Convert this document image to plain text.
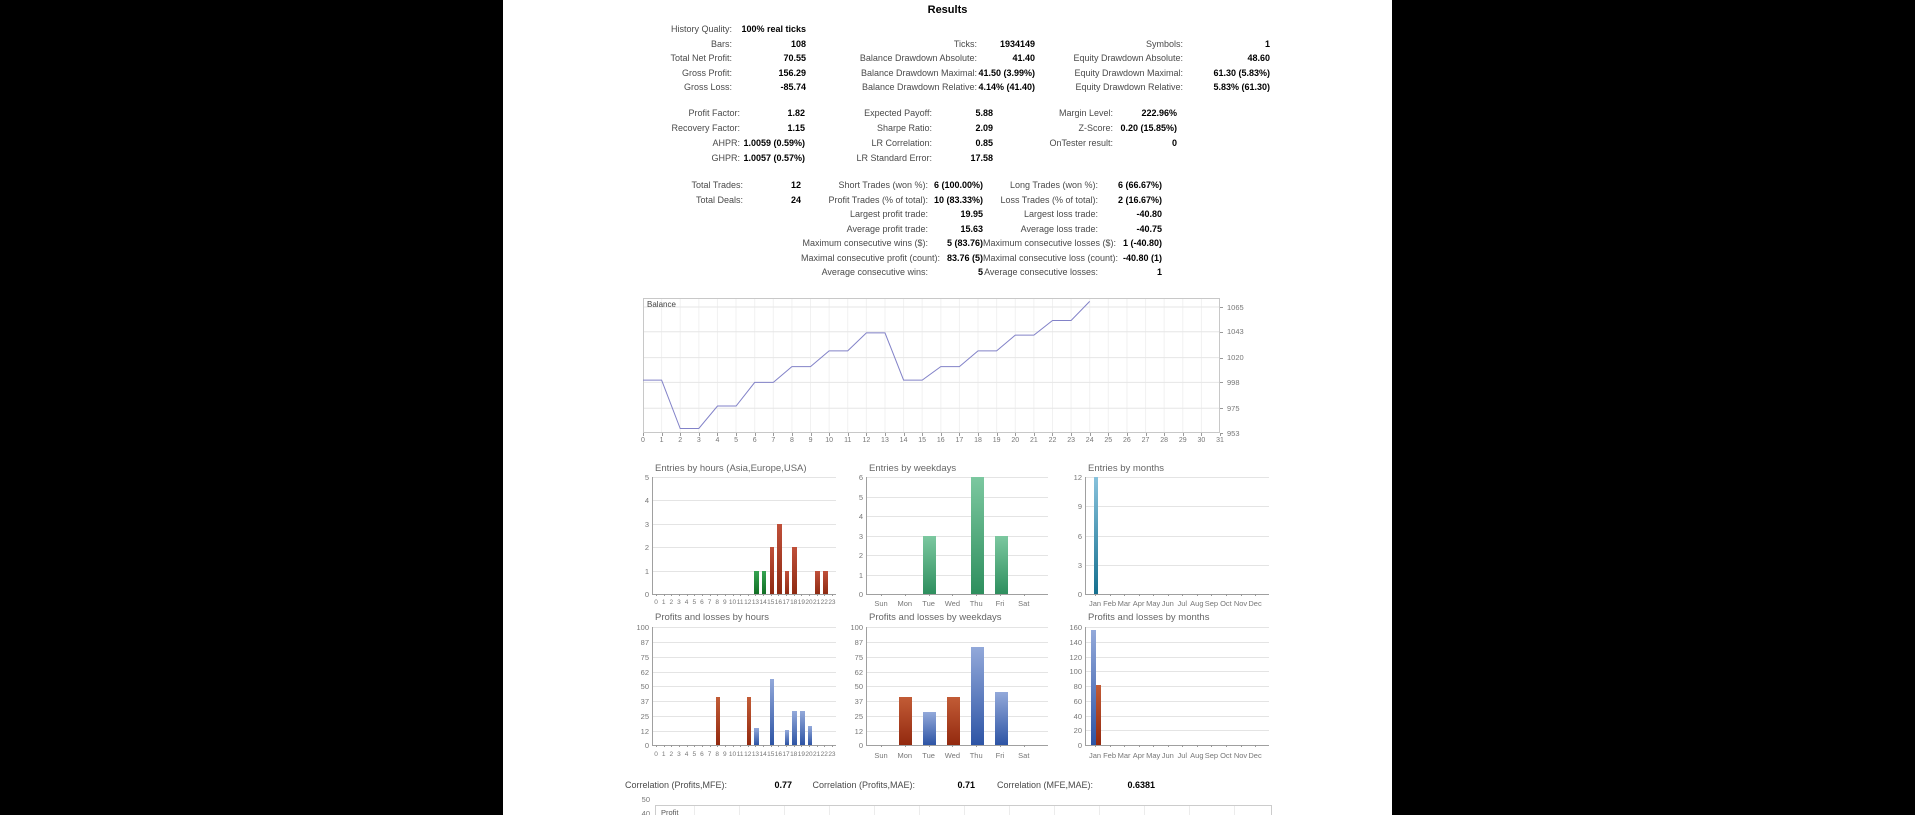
Results
History Quality:	100% real ticks
Bars:	108	Ticks:	1934149	Symbols:	1
Total Net Profit:	70.55	Balance Drawdown Absolute:	41.40	Equity Drawdown Absolute:	48.60
Gross Profit:	156.29	Balance Drawdown Maximal: 41.50 (3.99%)	Equity Drawdown Maximal:	61.30 (5.83%)
Gross Loss:	-85.74	Balance Drawdown Relative: 4.14% (41.40)	Equity Drawdown Relative:	5.83% (61.30)
Profit Factor:	1.82	Expected Payoff:	5.88	Margin Level:	222.96%
Recovery Factor:	1.15	Sharpe Ratio:	2.09	Z-Score: 0.20 (15.85%)
AHPR: 1.0059 (0.59%)	LR Correlation:	0.85	OnTester result:	0
GHPR: 1.0057 (0.57%)	LR Standard Error:	17.58
Total Trades:	12	Short Trades (won %): 6 (100.00%)	Long Trades (won %):	6 (66.67%)
Total Deals:	24	Profit Trades (% of total): 10 (83.33%)	Loss Trades (% of total):	2 (16.67%)
Largest profit trade:	19.95	Largest loss trade:	-40.80
Average profit trade:	15.63	Average loss trade:	-40.75
Maximum consecutive wins ($):	5 (83.76) Maximum consecutive losses ($): 1 (-40.80)
Maximal consecutive profit (count): 83.76 (5) Maximal consecutive loss (count): -40.80 (1)
Average consecutive wins:	5 Average consecutive losses:	1
Balance	1065
1043
1020
998
975
953
0 1 2 3 4 5 6 7 8 9 10 11 12 13 14 15 16 17 18 19 20 21 22 23 24 25 26 27 28 29 30 31
Entries by hours (Asia,Europe,USA)
5
4
3
2
1
0
0 1 2 3 4 5 6 7 8 9 10 11 12 13 14 15 16 17 18 19 20 21 22 23
Entries by weekdays
6
5
4
3
2
1
0
Sun Mon Tue Wed Thu Fri Sat
Entries by months
12
9
6
3
0
Jan Feb Mar Apr May Jun Jul Aug Sep Oct Nov Dec
Profits and losses by hours
100
87
75
62
50
37
25
12
0
0 1 2 3 4 5 6 7 8 9 10 11 12 13 14 15 16 17 18 19 20 21 22 23
Profits and losses by weekdays
100
87
75
62
50
37
25
12
0
Sun Mon Tue Wed Thu Fri Sat
Profits and losses by months
160
140
120
100
80
60
40
20
0
Jan Feb Mar Apr May Jun Jul Aug Sep Oct Nov Dec
Correlation (Profits,MFE):	0.77	Correlation (Profits,MAE):	0.71	Correlation (MFE,MAE):	0.6381
50
40 Profit
